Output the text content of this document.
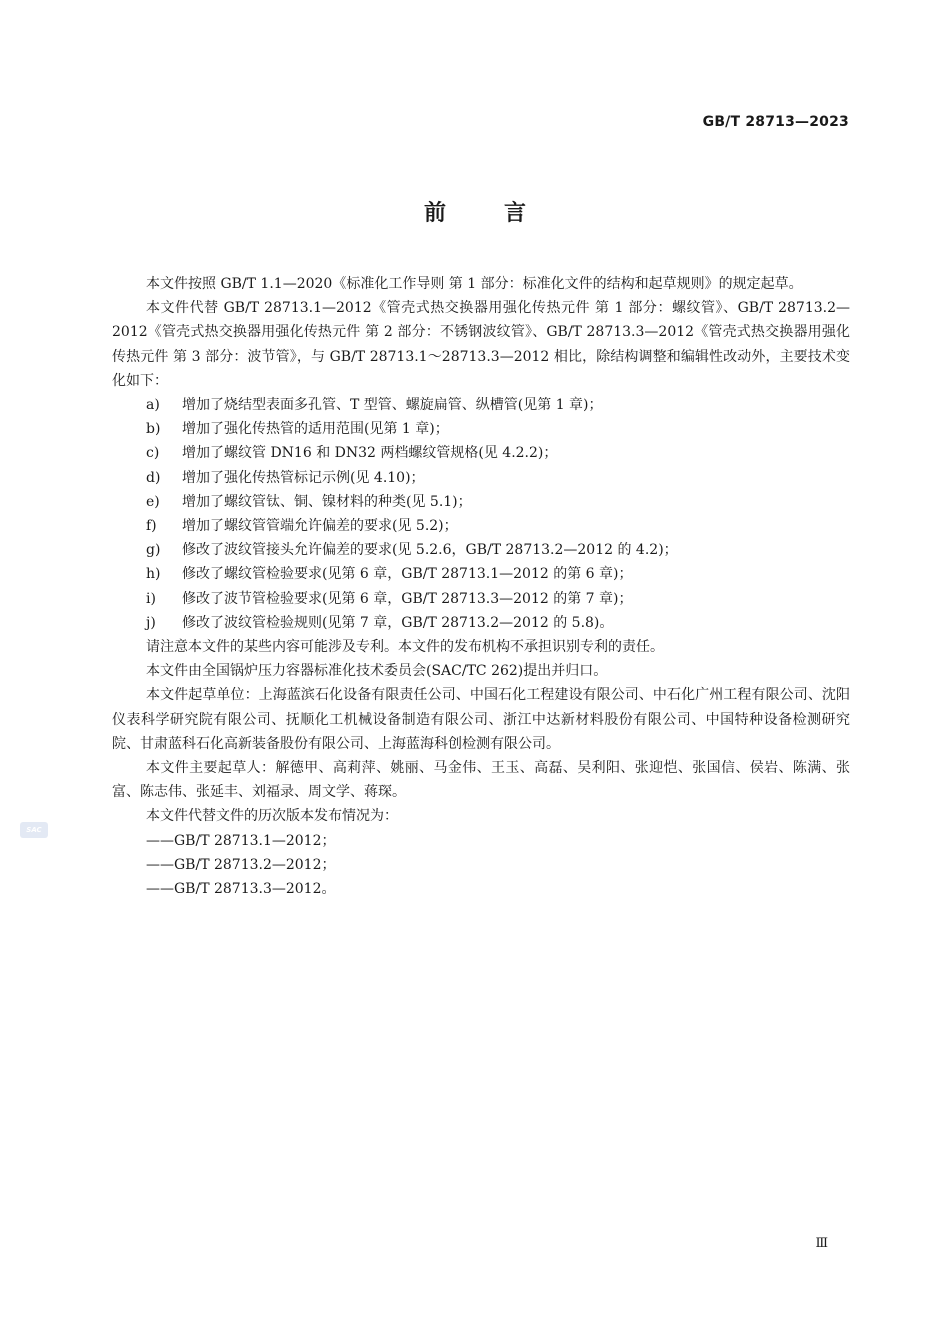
GB/T 28713—2023
前言

本文件按照 GB/T 1.1—2020《标准化工作导则 第 1 部分：标准化文件的结构和起草规则》的规定起草。

本文件代替 GB/T 28713.1—2012《管壳式热交换器用强化传热元件 第 1 部分：螺纹管》、GB/T 28713.2—2012《管壳式热交换器用强化传热元件 第 2 部分：不锈钢波纹管》、GB/T 28713.3—2012《管壳式热交换器用强化传热元件 第 3 部分：波节管》，与 GB/T 28713.1～28713.3—2012 相比，除结构调整和编辑性改动外，主要技术变化如下：

a)	增加了烧结型表面多孔管、T 型管、螺旋扁管、纵槽管(见第 1 章)；
b)	增加了强化传热管的适用范围(见第 1 章)；
c)	增加了螺纹管 DN16 和 DN32 两档螺纹管规格(见 4.2.2)；
d)	增加了强化传热管标记示例(见 4.10)；
e)	增加了螺纹管钛、铜、镍材料的种类(见 5.1)；
f)	增加了螺纹管管端允许偏差的要求(见 5.2)；
g)	修改了波纹管接头允许偏差的要求(见 5.2.6，GB/T 28713.2—2012 的 4.2)；
h)	修改了螺纹管检验要求(见第 6 章，GB/T 28713.1—2012 的第 6 章)；
i)	修改了波节管检验要求(见第 6 章，GB/T 28713.3—2012 的第 7 章)；
j)	修改了波纹管检验规则(见第 7 章，GB/T 28713.2—2012 的 5.8)。

请注意本文件的某些内容可能涉及专利。本文件的发布机构不承担识别专利的责任。

本文件由全国锅炉压力容器标准化技术委员会(SAC/TC 262)提出并归口。

本文件起草单位：上海蓝滨石化设备有限责任公司、中国石化工程建设有限公司、中石化广州工程有限公司、沈阳仪表科学研究院有限公司、抚顺化工机械设备制造有限公司、浙江中达新材料股份有限公司、中国特种设备检测研究院、甘肃蓝科石化高新装备股份有限公司、上海蓝海科创检测有限公司。

本文件主要起草人：解德甲、高莉萍、姚丽、马金伟、王玉、高磊、吴利阳、张迎恺、张国信、侯岩、陈满、张富、陈志伟、张延丰、刘福录、周文学、蒋琛。

本文件代替文件的历次版本发布情况为：

——GB/T 28713.1—2012；

——GB/T 28713.2—2012；

——GB/T 28713.3—2012。

SAC
Ⅲ
